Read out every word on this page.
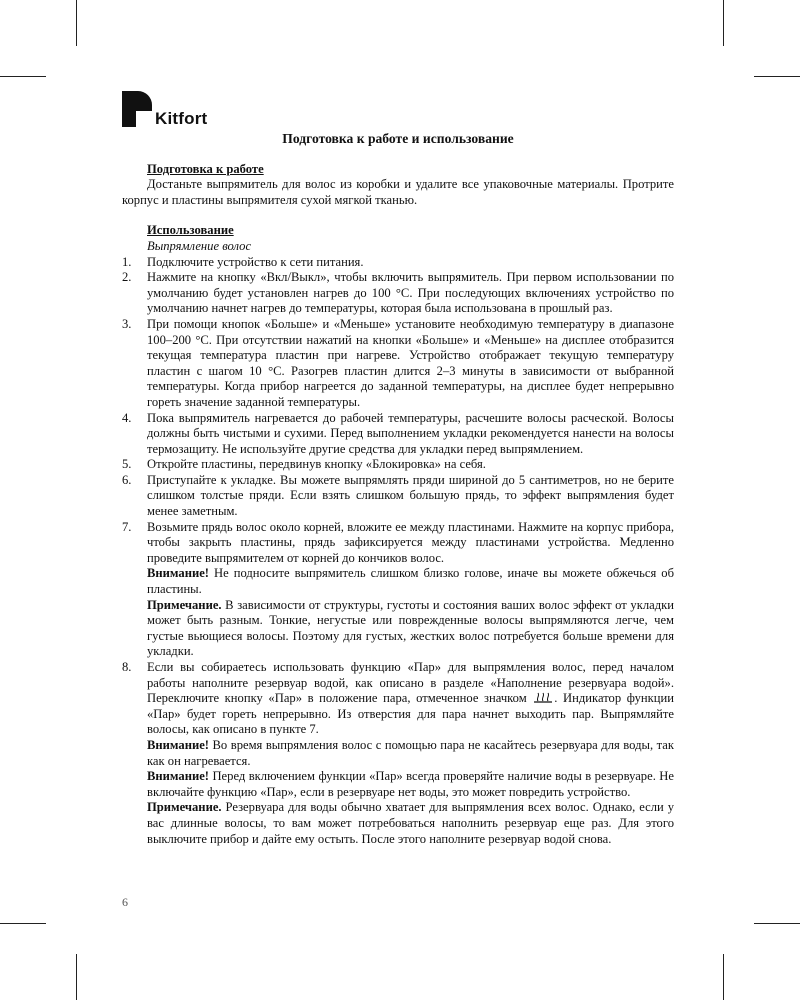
Kitfort
Подготовка к работе и использование
Подготовка к работе

Достаньте выпрямитель для волос из коробки и удалите все упаковочные материалы. Протрите корпус и пластины выпрямителя сухой мягкой тканью.

Использование
Выпрямление волос
1. Подключите устройство к сети питания.
2. Нажмите на кнопку «Вкл/Выкл», чтобы включить выпрямитель. При первом использовании по умолчанию будет установлен нагрев до 100 °C. При последующих включениях устройство по умолчанию начнет нагрев до температуры, которая была использована в прошлый раз.
3. При помощи кнопок «Больше» и «Меньше» установите необходимую температуру в диапазоне 100–200 °C. При отсутствии нажатий на кнопки «Больше» и «Меньше» на дисплее отобразится текущая температура пластин при нагреве. Устройство отображает текущую температуру пластин с шагом 10 °C. Разогрев пластин длится 2–3 минуты в зависимости от выбранной температуры. Когда прибор нагреется до заданной температуры, на дисплее будет непрерывно гореть значение заданной температуры.
4. Пока выпрямитель нагревается до рабочей температуры, расчешите волосы расческой. Волосы должны быть чистыми и сухими. Перед выполнением укладки рекомендуется нанести на волосы термозащиту. Не используйте другие средства для укладки перед выпрямлением.
5. Откройте пластины, передвинув кнопку «Блокировка» на себя.
6. Приступайте к укладке. Вы можете выпрямлять пряди шириной до 5 сантиметров, но не берите слишком толстые пряди. Если взять слишком большую прядь, то эффект выпрямления будет менее заметным.
7. Возьмите прядь волос около корней, вложите ее между пластинами. Нажмите на корпус прибора, чтобы закрыть пластины, прядь зафиксируется между пластинами устройства. Медленно проведите выпрямителем от корней до кончиков волос.

Внимание! Не подносите выпрямитель слишком близко голове, иначе вы можете обжечься об пластины.

Примечание. В зависимости от структуры, густоты и состояния ваших волос эффект от укладки может быть разным. Тонкие, негустые или поврежденные волосы выпрямляются легче, чем густые вьющиеся волосы. Поэтому для густых, жестких волос потребуется больше времени для укладки.

8. Если вы собираетесь использовать функцию «Пар» для выпрямления волос, перед началом работы наполните резервуар водой, как описано в разделе «Наполнение резервуара водой». Переключите кнопку «Пар» в положение пара, отмеченное значком . Индикатор функции «Пар» будет гореть непрерывно. Из отверстия для пара начнет выходить пар. Выпрямляйте волосы, как описано в пункте 7.

Внимание! Во время выпрямления волос с помощью пара не касайтесь резервуара для воды, так как он нагревается.

Внимание! Перед включением функции «Пар» всегда проверяйте наличие воды в резервуаре. Не включайте функцию «Пар», если в резервуаре нет воды, это может повредить устройство.

Примечание. Резервуара для воды обычно хватает для выпрямления всех волос. Однако, если у вас длинные волосы, то вам может потребоваться наполнить резервуар еще раз. Для этого выключите прибор и дайте ему остыть. После этого наполните резервуар водой снова.

6
